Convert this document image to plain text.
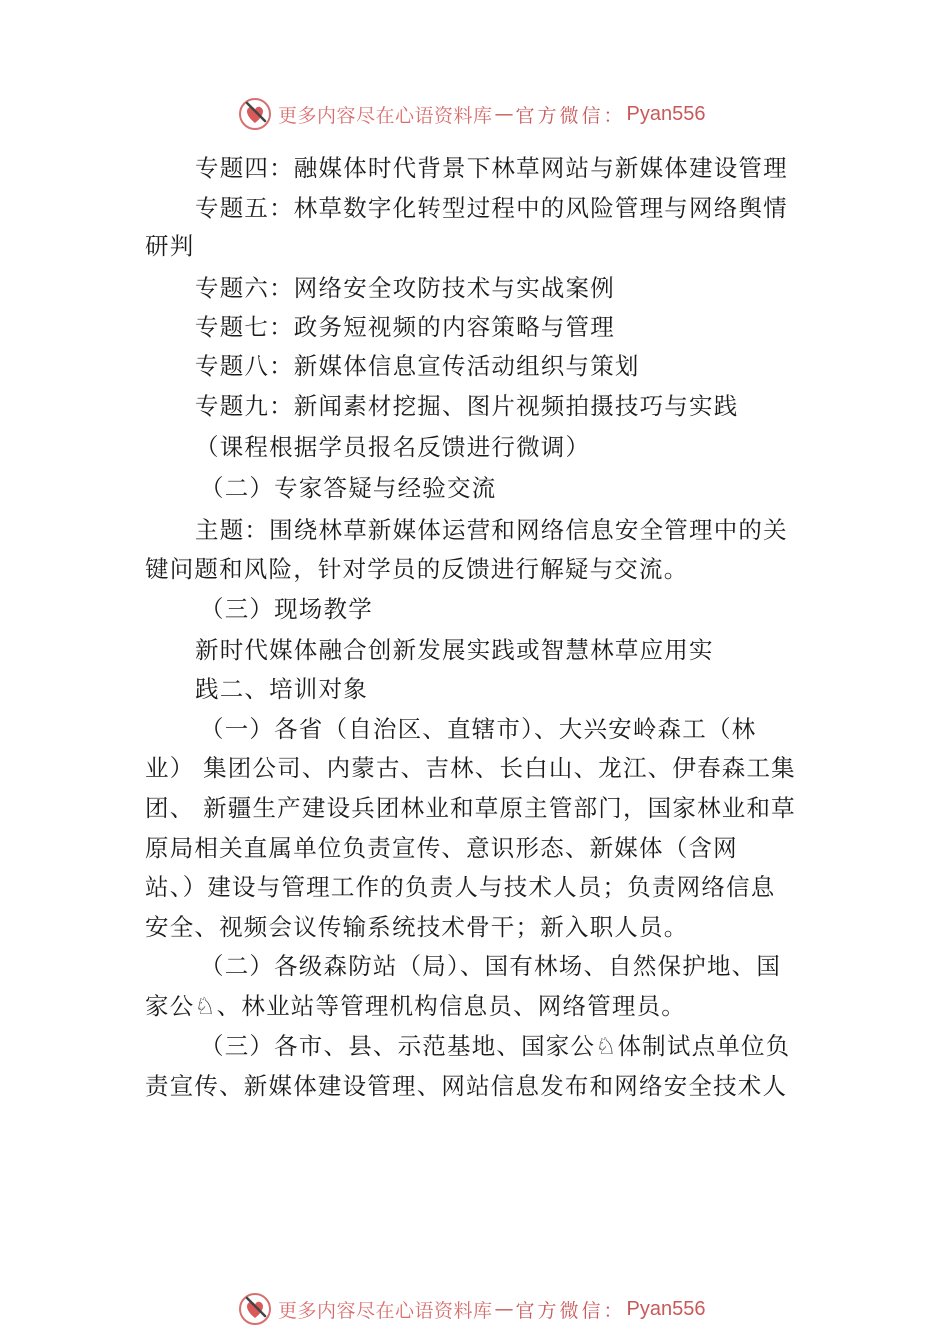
更多内容尽在心语资料库 — 官方微信 ： Pyan556
专题四：融媒体时代背景下林草网站与新媒体建设管理
专题五：林草数字化转型过程中的风险管理与网络舆情
研判
专题六：网络安全攻防技术与实战案例
专题七：政务短视频的内容策略与管理
专题八：新媒体信息宣传活动组织与策划
专题九：新闻素材挖掘、图片视频拍摄技巧与实践
（课程根据学员报名反馈进行微调）
（二）专家答疑与经验交流
主题：围绕林草新媒体运营和网络信息安全管理中的关
键问题和风险，针对学员的反馈进行解疑与交流。
（三）现场教学
新时代媒体融合创新发展实践或智慧林草应用实
践二、培训对象
（一）各省（自治区、直辖市）、大兴安岭森工（林
业） 集团公司、内蒙古、吉林、长白山、龙江、伊春森工集
团、 新疆生产建设兵团林业和草原主管部门，国家林业和草
原局相关直属单位负责宣传、意识形态、新媒体（含网
站、）建设与管理工作的负责人与技术人员；负责网络信息
安全、视频会议传输系统技术骨干；新入职人员。
（二）各级森防站（局）、国有林场、自然保护地、国
家公♘、林业站等管理机构信息员、网络管理员。
（三）各市、县、示范基地、国家公♘体制试点单位负
责宣传、新媒体建设管理、网站信息发布和网络安全技术人
更多内容尽在心语资料库 — 官方微信 ： Pyan556
